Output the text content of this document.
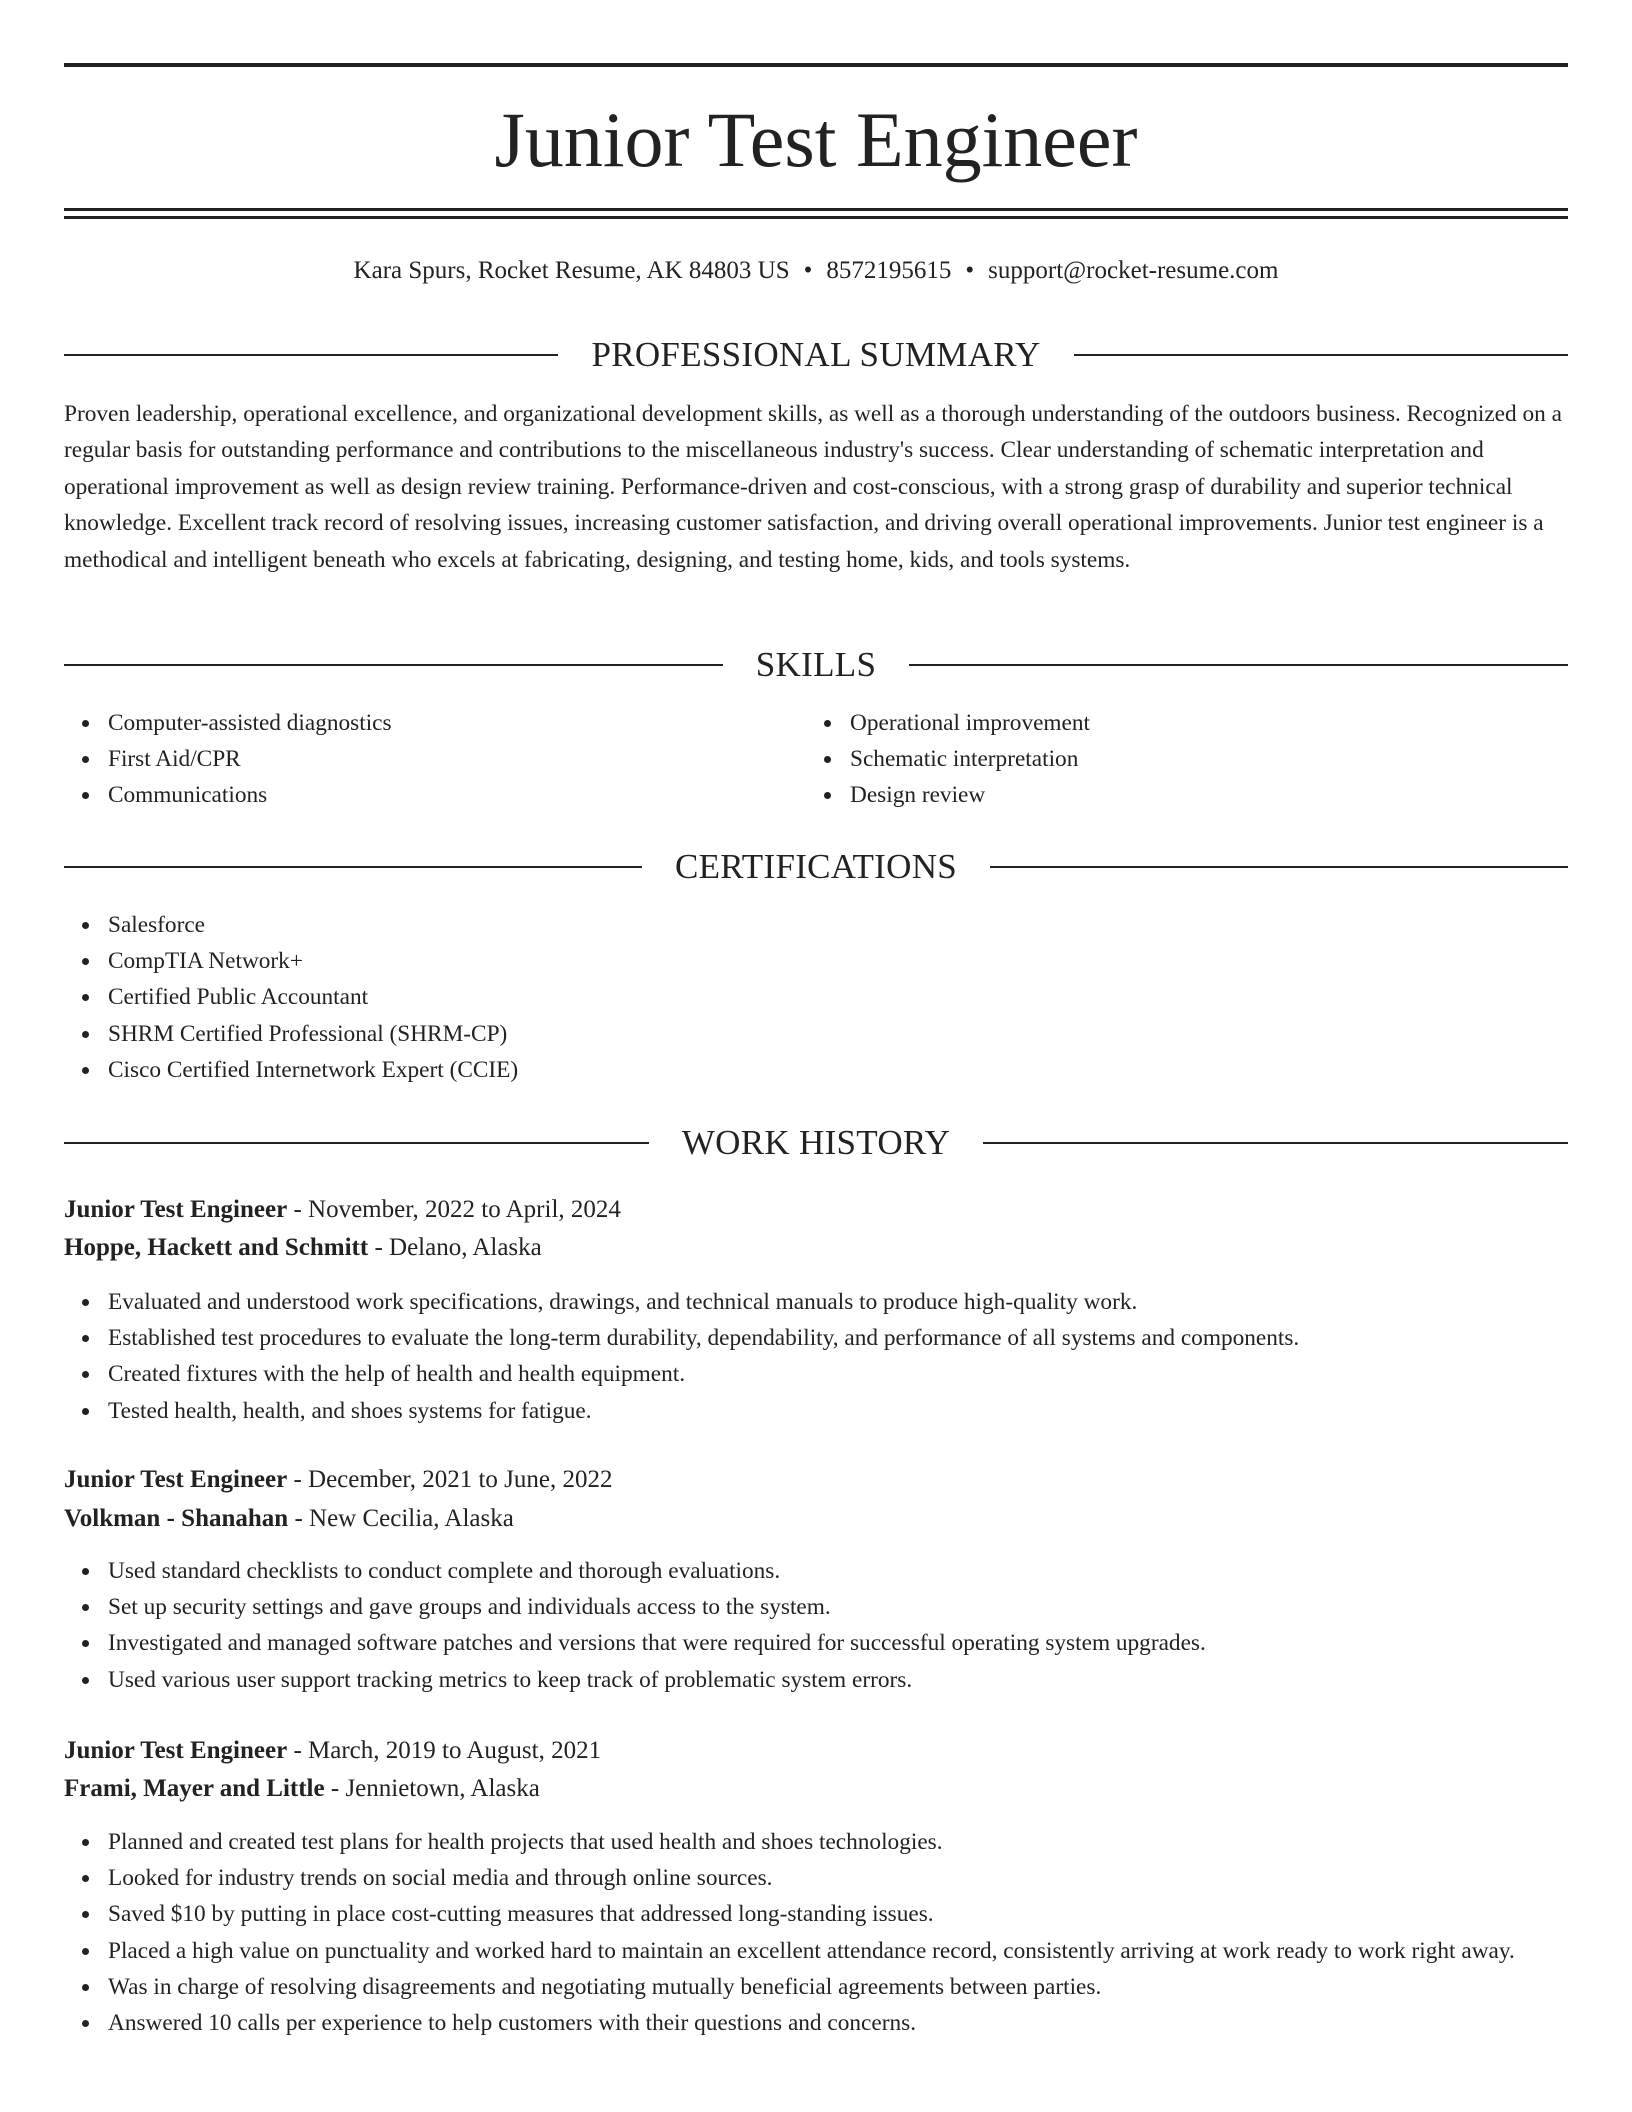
Junior Test Engineer
Kara Spurs, Rocket Resume, AK 84803 US • 8572195615 • support@rocket-resume.com
PROFESSIONAL SUMMARY

Proven leadership, operational excellence, and organizational development skills, as well as a thorough understanding of the outdoors business. Recognized on a regular basis for outstanding performance and contributions to the miscellaneous industry's success. Clear understanding of schematic interpretation and operational improvement as well as design review training. Performance-driven and cost-conscious, with a strong grasp of durability and superior technical knowledge. Excellent track record of resolving issues, increasing customer satisfaction, and driving overall operational improvements. Junior test engineer is a methodical and intelligent beneath who excels at fabricating, designing, and testing home, kids, and tools systems.

SKILLS
Computer-assisted diagnostics
First Aid/CPR
Communications
Operational improvement
Schematic interpretation
Design review
CERTIFICATIONS
Salesforce
CompTIA Network+
Certified Public Accountant
SHRM Certified Professional (SHRM-CP)
Cisco Certified Internetwork Expert (CCIE)
WORK HISTORY
Junior Test Engineer - November, 2022 to April, 2024
Hoppe, Hackett and Schmitt - Delano, Alaska
Evaluated and understood work specifications, drawings, and technical manuals to produce high-quality work.
Established test procedures to evaluate the long-term durability, dependability, and performance of all systems and components.
Created fixtures with the help of health and health equipment.
Tested health, health, and shoes systems for fatigue.
Junior Test Engineer - December, 2021 to June, 2022
Volkman - Shanahan - New Cecilia, Alaska
Used standard checklists to conduct complete and thorough evaluations.
Set up security settings and gave groups and individuals access to the system.
Investigated and managed software patches and versions that were required for successful operating system upgrades.
Used various user support tracking metrics to keep track of problematic system errors.
Junior Test Engineer - March, 2019 to August, 2021
Frami, Mayer and Little - Jennietown, Alaska
Planned and created test plans for health projects that used health and shoes technologies.
Looked for industry trends on social media and through online sources.
Saved $10 by putting in place cost-cutting measures that addressed long-standing issues.
Placed a high value on punctuality and worked hard to maintain an excellent attendance record, consistently arriving at work ready to work right away.
Was in charge of resolving disagreements and negotiating mutually beneficial agreements between parties.
Answered 10 calls per experience to help customers with their questions and concerns.
